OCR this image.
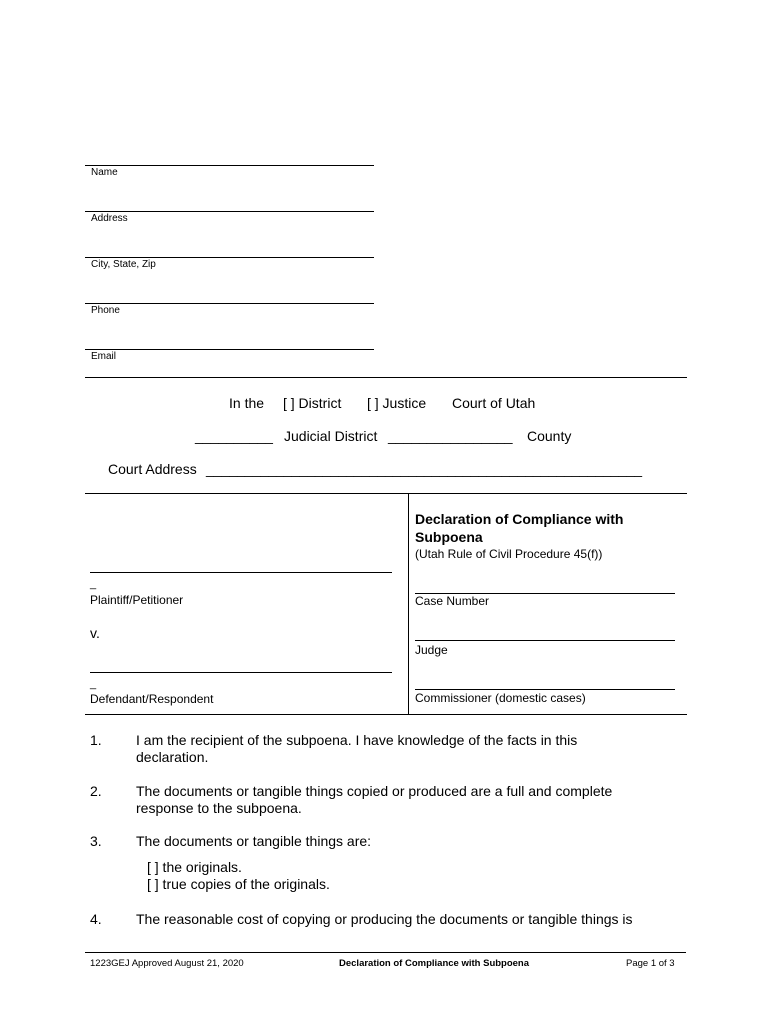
Name
Address
City, State, Zip
Phone
Email
In the [ ] District [ ] Justice Court of Utah
__________ Judicial District ________________ County
Court Address ________________________________________________________
_
Plaintiff/Petitioner
v.
_
Defendant/Respondent
Declaration of Compliance with
Subpoena
(Utah Rule of Civil Procedure 45(f))
Case Number
Judge
Commissioner (domestic cases)
1. I am the recipient of the subpoena. I have knowledge of the facts in this
declaration.
2. The documents or tangible things copied or produced are a full and complete
response to the subpoena.
3. The documents or tangible things are:
[ ] the originals.
[ ] true copies of the originals.
4. The reasonable cost of copying or producing the documents or tangible things is
1223GEJ Approved August 21, 2020	Declaration of Compliance with Subpoena	Page 1 of 3
